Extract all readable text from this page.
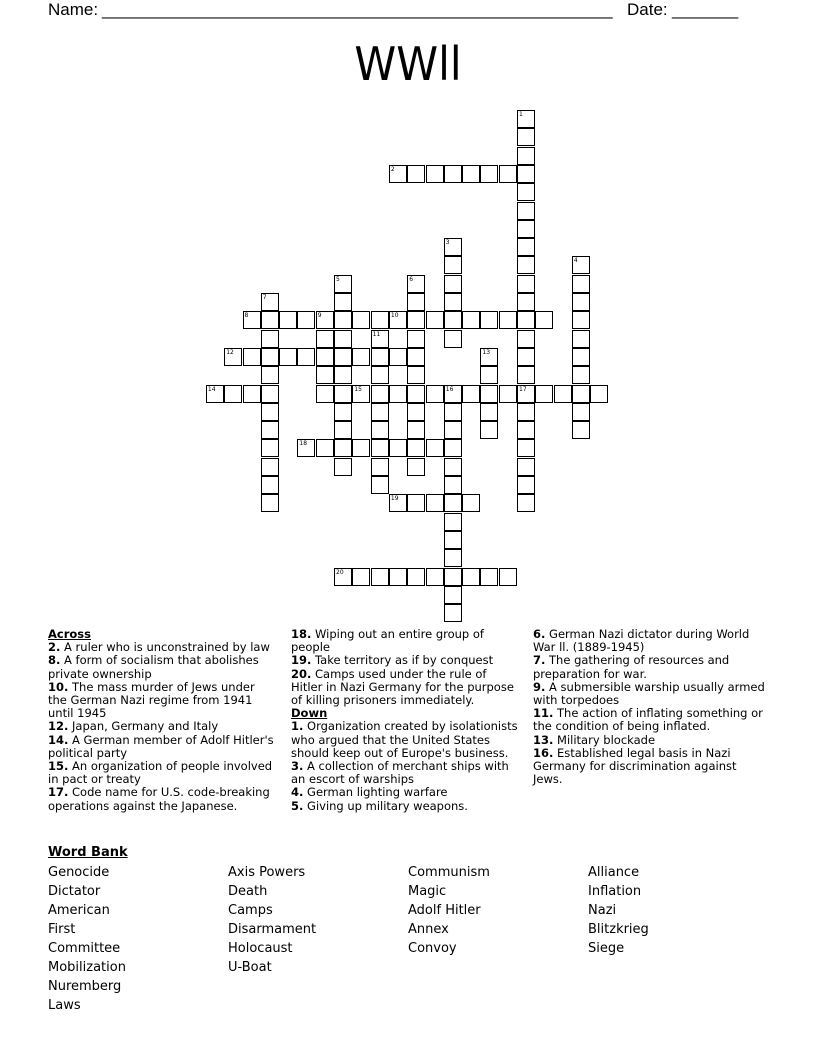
Name: ______________________________________________________ Date: _______
WWll
1
17
2
3
4
5	6
7
8	9	10
11
12	13
14	15	16
18
19
20
Across
2. A ruler who is unconstrained by law
8. A form of socialism that abolishes private ownership
10. The mass murder of Jews under the German Nazi regime from 1941 until 1945
12. Japan, Germany and Italy
14. A German member of Adolf Hitler's political party
15. An organization of people involved in pact or treaty
17. Code name for U.S. code-breaking operations against the Japanese.
18. Wiping out an entire group of people
19. Take territory as if by conquest
20. Camps used under the rule of Hitler in Nazi Germany for the purpose of killing prisoners immediately.
Down
1. Organization created by isolationists who argued that the United States should keep out of Europe's business.
3. A collection of merchant ships with an escort of warships
4. German lighting warfare
5. Giving up military weapons.
6. German Nazi dictator during World War ll. (1889-1945)
7. The gathering of resources and preparation for war.
9. A submersible warship usually armed with torpedoes
11. The action of inflating something or the condition of being inflated.
13. Military blockade
16. Established legal basis in Nazi Germany for discrimination against Jews.
Word Bank
Genocide
Dictator
American First Committee
Mobilization
Nuremberg Laws
Axis Powers
Death Camps
Disarmament
Holocaust
U-Boat
Communism
Magic
Adolf Hitler
Annex
Convoy
Alliance
Inflation
Nazi
Blitzkrieg
Siege
